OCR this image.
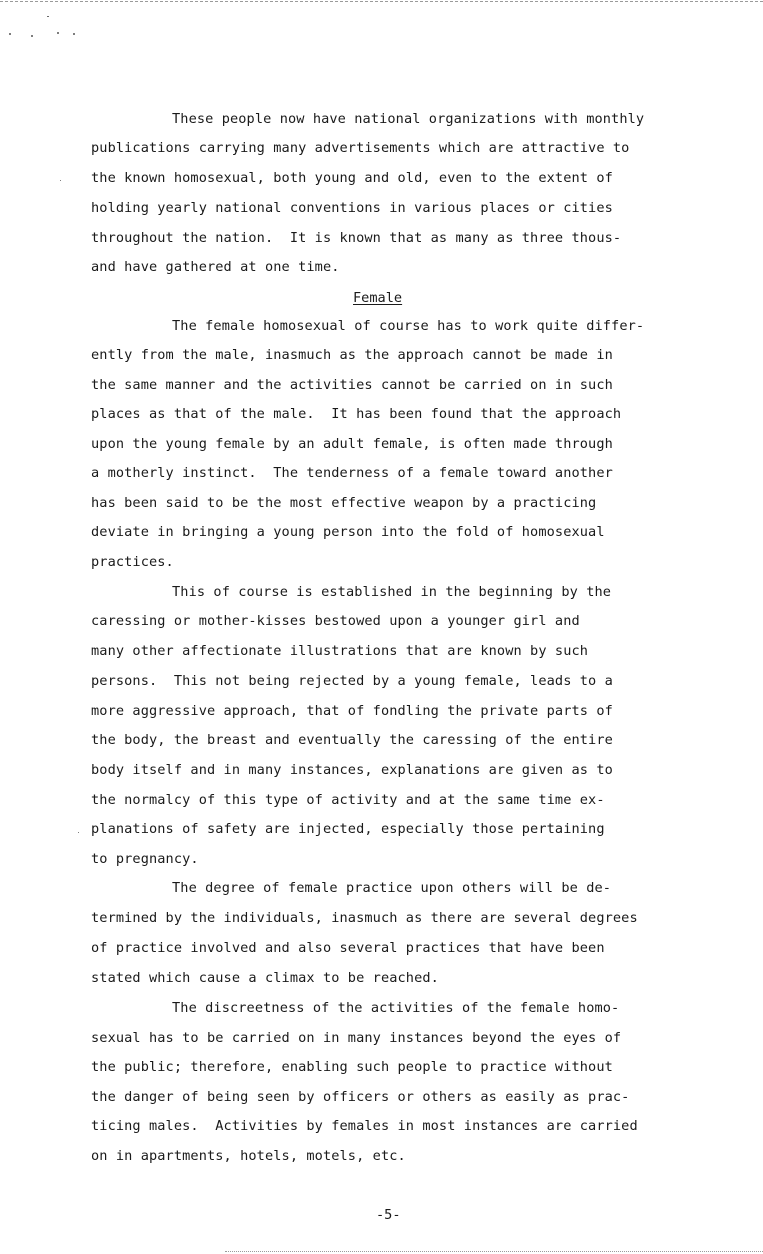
These people now have national organizations with monthly
publications carrying many advertisements which are attractive to
the known homosexual, both young and old, even to the extent of
holding yearly national conventions in various places or cities
throughout the nation.  It is known that as many as three thous-
and have gathered at one time.
Female
The female homosexual of course has to work quite differ-
ently from the male, inasmuch as the approach cannot be made in
the same manner and the activities cannot be carried on in such
places as that of the male.  It has been found that the approach
upon the young female by an adult female, is often made through
a motherly instinct.  The tenderness of a female toward another
has been said to be the most effective weapon by a practicing
deviate in bringing a young person into the fold of homosexual
practices.
This of course is established in the beginning by the
caressing or mother-kisses bestowed upon a younger girl and
many other affectionate illustrations that are known by such
persons.  This not being rejected by a young female, leads to a
more aggressive approach, that of fondling the private parts of
the body, the breast and eventually the caressing of the entire
body itself and in many instances, explanations are given as to
the normalcy of this type of activity and at the same time ex-
planations of safety are injected, especially those pertaining
to pregnancy.
The degree of female practice upon others will be de-
termined by the individuals, inasmuch as there are several degrees
of practice involved and also several practices that have been
stated which cause a climax to be reached.
The discreetness of the activities of the female homo-
sexual has to be carried on in many instances beyond the eyes of
the public; therefore, enabling such people to practice without
the danger of being seen by officers or others as easily as prac-
ticing males.  Activities by females in most instances are carried
on in apartments, hotels, motels, etc.
-5-
